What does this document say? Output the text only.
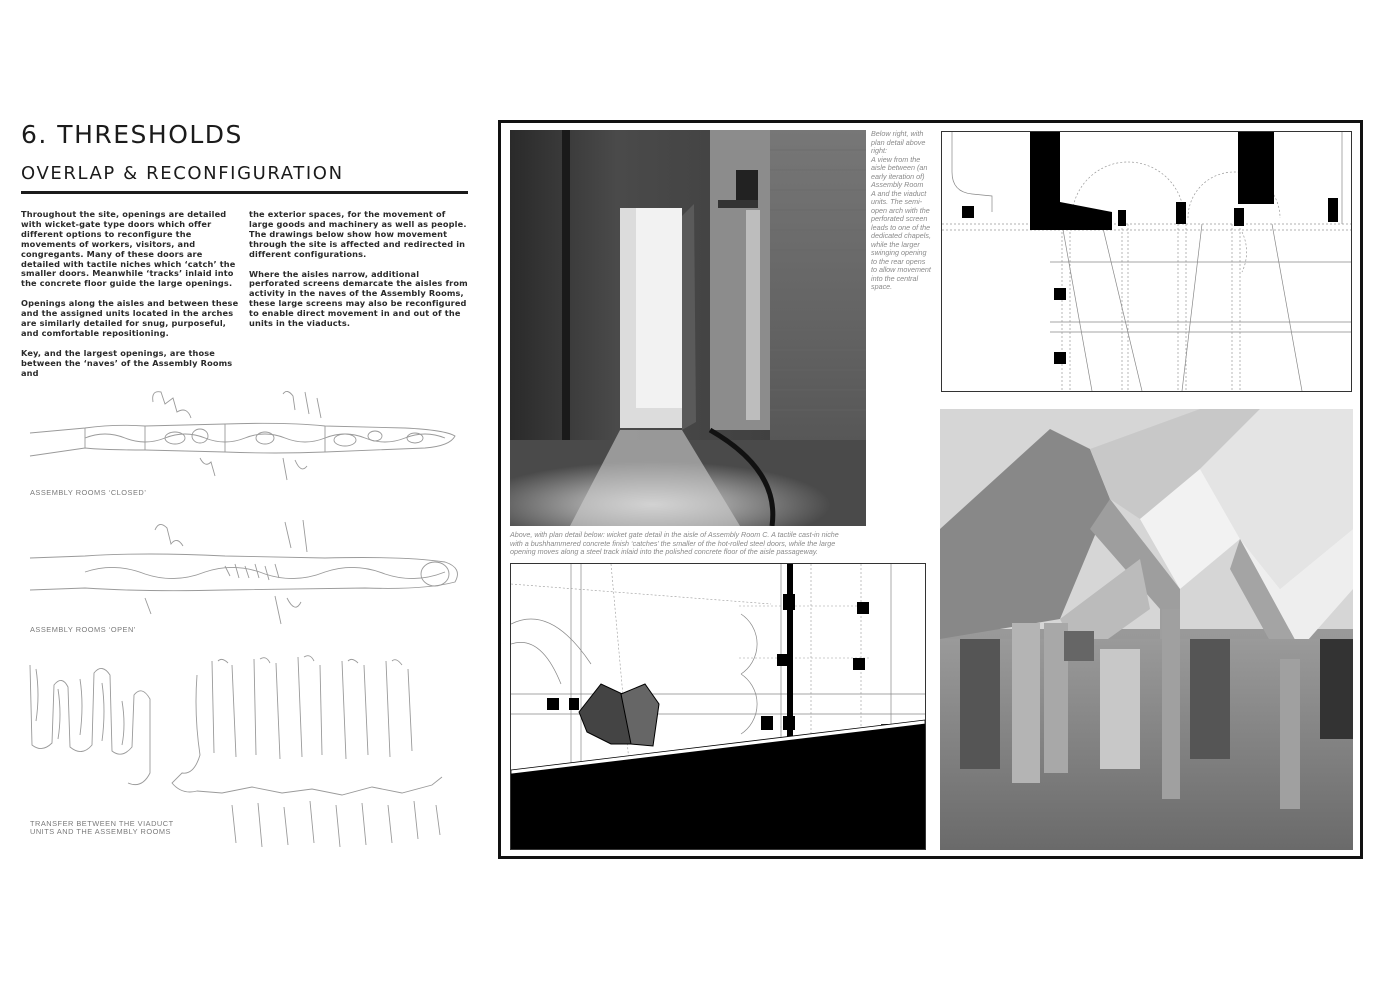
6. THRESHOLDS
OVERLAP & RECONFIGURATION

Throughout the site, openings are detailed with wicket-gate type doors which offer different options to reconfigure the movements of workers, visitors, and congregants. Many of these doors are detailed with tactile niches which ‘catch’ the smaller doors. Meanwhile ‘tracks’ inlaid into the concrete floor guide the large openings.

Openings along the aisles and between these and the assigned units located in the arches are similarly detailed for snug, purposeful, and comfortable repositioning.

Key, and the largest openings, are those between the ‘naves’ of the Assembly Rooms and

the exterior spaces, for the movement of large goods and machinery as well as people. The drawings below show how movement through the site is affected and redirected in different configurations.

Where the aisles narrow, additional perforated screens demarcate the aisles from activity in the naves of the Assembly Rooms, these large screens may also be reconfigured to enable direct movement in and out of the units in the viaducts.

ASSEMBLY ROOMS ‘CLOSED’
ASSEMBLY ROOMS ‘OPEN’
TRANSFER BETWEEN THE VIADUCT
UNITS AND THE ASSEMBLY ROOMS
Below right, with
plan detail above
right:
A view from the
aisle between (an
early iteration of)
Assembly Room
A and the viaduct
units. The semi-
open arch with the
perforated screen
leads to one of the
dedicated chapels,
while the larger
swinging opening
to the rear opens
to allow movement
into the central
space.
Above, with plan detail below: wicket gate detail in the aisle of Assembly Room C. A tactile cast-in niche
with a bushhammered concrete finish ‘catches’ the smaller of the hot-rolled steel doors, while the large
opening moves along a steel track inlaid into the polished concrete floor of the aisle passageway.
